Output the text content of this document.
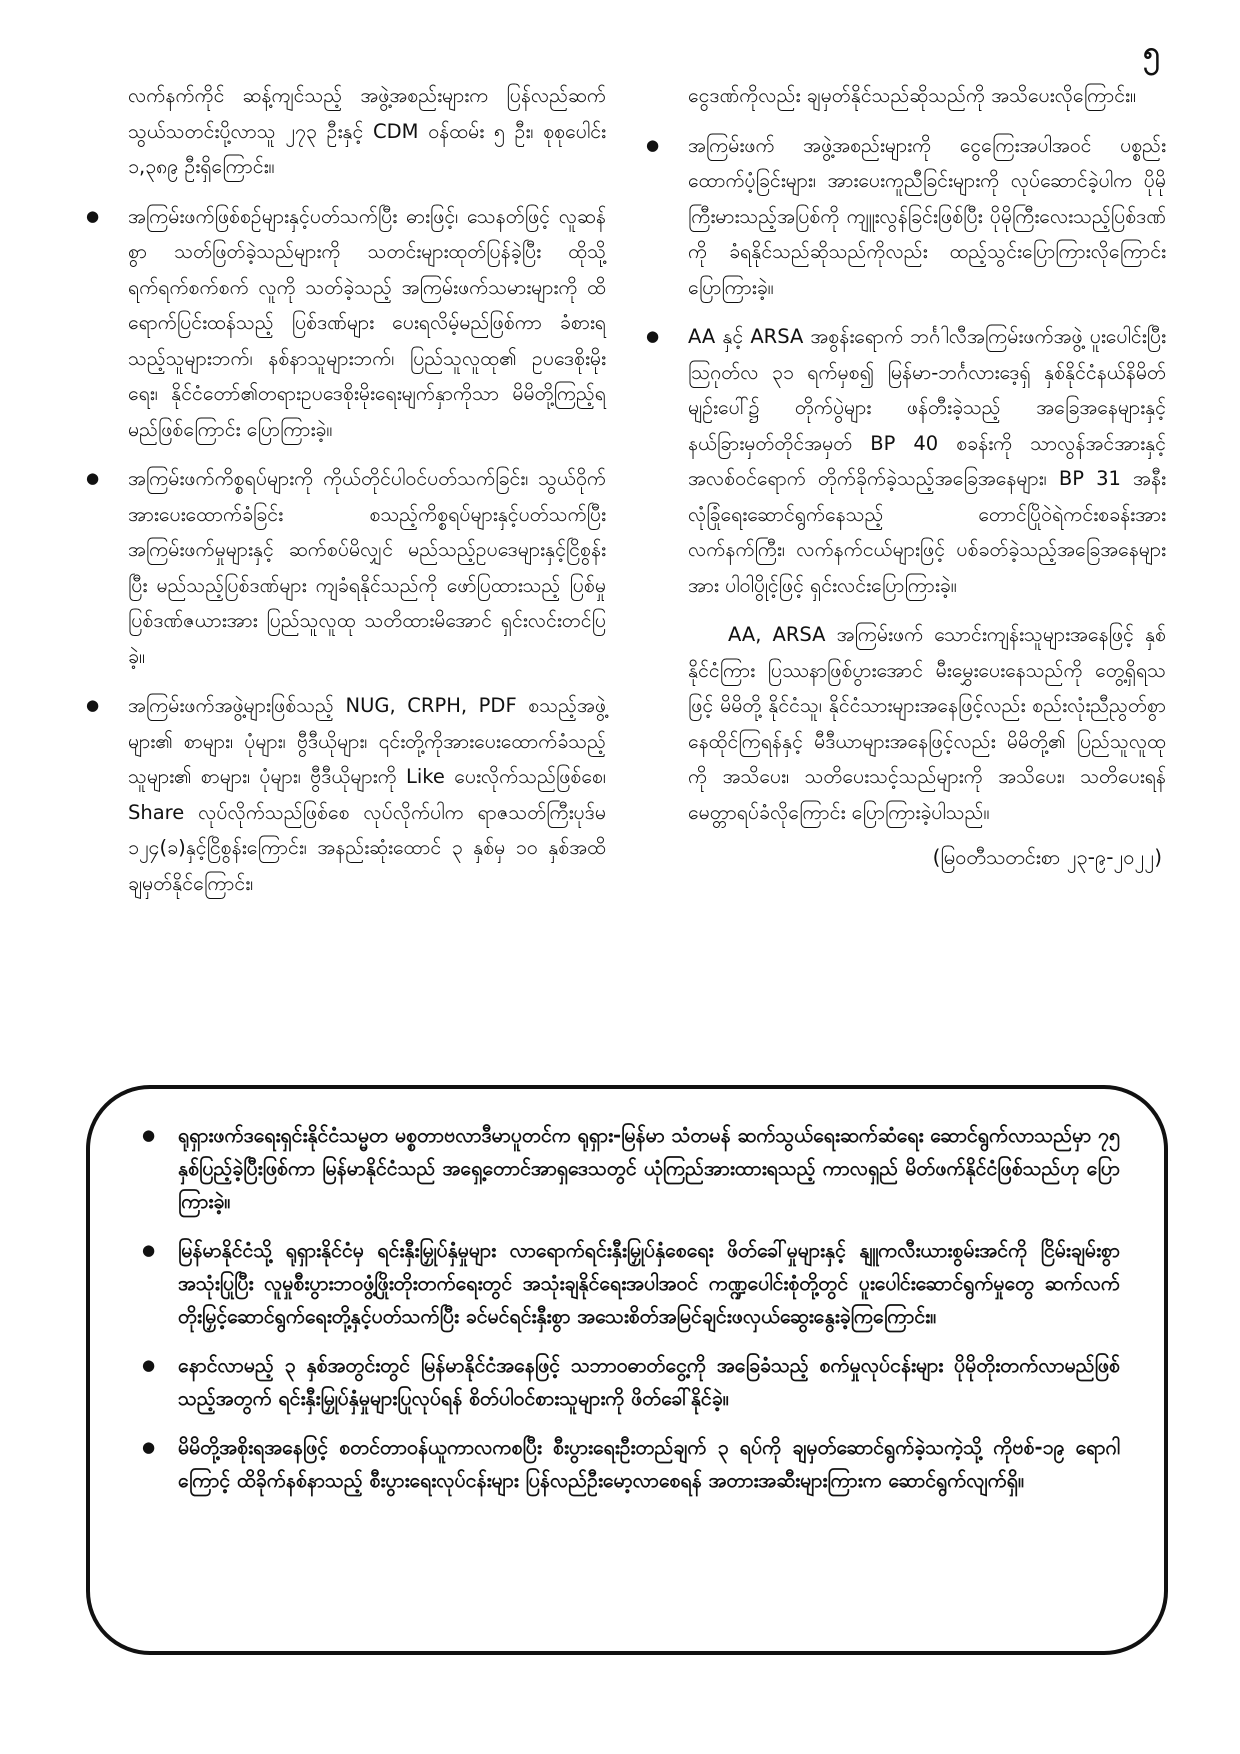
၅

လက်နက်ကိုင် ဆန့်ကျင်သည့် အဖွဲ့အစည်းများက ပြန်လည်ဆက်သွယ်သတင်းပို့လာသူ ၂၇၃ ဦးနှင့် CDM ဝန်ထမ်း ၅ ဦး၊ စုစုပေါင်း ၁,၃၈၉ ဦးရှိကြောင်း။

● အကြမ်းဖက်ဖြစ်စဉ်များနှင့်ပတ်သက်ပြီး ဓားဖြင့်၊ သေနတ်ဖြင့် လူဆန်စွာ သတ်ဖြတ်ခဲ့သည်များကို သတင်းများထုတ်ပြန်ခဲ့ပြီး ထိုသို့ရက်ရက်စက်စက် လူကို သတ်ခဲ့သည့် အကြမ်းဖက်သမားများကို ထိရောက်ပြင်းထန်သည့် ပြစ်ဒဏ်များ ပေးရလိမ့်မည်ဖြစ်ကာ ခံစားရသည့်သူများဘက်၊ နစ်နာသူများဘက်၊ ပြည်သူလူထု၏ ဥပဒေစိုးမိုးရေး၊ နိုင်ငံတော်၏တရားဥပဒေစိုးမိုးရေးမျက်နှာကိုသာ မိမိတို့ကြည့်ရမည်ဖြစ်ကြောင်း ပြောကြားခဲ့။

● အကြမ်းဖက်ကိစ္စရပ်များကို ကိုယ်တိုင်ပါဝင်ပတ်သက်ခြင်း၊ သွယ်ဝိုက်အားပေးထောက်ခံခြင်း စသည့်ကိစ္စရပ်များနှင့်ပတ်သက်ပြီး အကြမ်းဖက်မှုများနှင့် ဆက်စပ်မိလျှင် မည်သည့်ဥပဒေများနှင့်ငြိစွန်းပြီး မည်သည့်ပြစ်ဒဏ်များ ကျခံရနိုင်သည်ကို ဖော်ပြထားသည့် ပြစ်မှုပြစ်ဒဏ်ဇယားအား ပြည်သူလူထု သတိထားမိအောင် ရှင်းလင်းတင်ပြခဲ့။

● အကြမ်းဖက်အဖွဲ့များဖြစ်သည့် NUG, CRPH, PDF စသည့်အဖွဲ့များ၏ စာများ၊ ပုံများ၊ ဗွီဒီယိုများ၊ ၎င်းတို့ကိုအားပေးထောက်ခံသည့်သူများ၏ စာများ၊ ပုံများ၊ ဗွီဒီယိုများကို Like ပေးလိုက်သည်ဖြစ်စေ၊ Share လုပ်လိုက်သည်ဖြစ်စေ လုပ်လိုက်ပါက ရာဇသတ်ကြီးပုဒ်မ ၁၂၄(ခ)နှင့်ငြိစွန်းကြောင်း၊ အနည်းဆုံးထောင် ၃ နှစ်မှ ၁၀ နှစ်အထိချမှတ်နိုင်ကြောင်း၊

ငွေဒဏ်ကိုလည်း ချမှတ်နိုင်သည်ဆိုသည်ကို အသိပေးလိုကြောင်း။

● အကြမ်းဖက် အဖွဲ့အစည်းများကို ငွေကြေးအပါအဝင် ပစ္စည်းထောက်ပံ့ခြင်းများ၊ အားပေးကူညီခြင်းများကို လုပ်ဆောင်ခဲ့ပါက ပိုမိုကြီးမားသည့်အပြစ်ကို ကျူးလွန်ခြင်းဖြစ်ပြီး ပိုမိုကြီးလေးသည့်ပြစ်ဒဏ်ကို ခံရနိုင်သည်ဆိုသည်ကိုလည်း ထည့်သွင်းပြောကြားလိုကြောင်း ပြောကြားခဲ့။

● AA နှင့် ARSA အစွန်းရောက် ဘင်္ဂါလီအကြမ်းဖက်အဖွဲ့ ပူးပေါင်းပြီး ဩဂုတ်လ ၃၁ ရက်မှစ၍ မြန်မာ-ဘင်္ဂလားဒေ့ရှ် နှစ်နိုင်ငံနယ်နိမိတ်မျဉ်းပေါ်၌ တိုက်ပွဲများ ဖန်တီးခဲ့သည့် အခြေအနေများနှင့် နယ်ခြားမှတ်တိုင်အမှတ် BP 40 စခန်းကို သာလွန်အင်အားနှင့် အလစ်ဝင်ရောက် တိုက်ခိုက်ခဲ့သည့်အခြေအနေများ၊ BP 31 အနီး လုံခြုံရေးဆောင်ရွက်နေသည့် တောင်ပြိုဝဲရဲကင်းစခန်းအား လက်နက်ကြီး၊ လက်နက်ငယ်များဖြင့် ပစ်ခတ်ခဲ့သည့်အခြေအနေများအား ပါဝါပွိုင့်ဖြင့် ရှင်းလင်းပြောကြားခဲ့။

AA, ARSA အကြမ်းဖက် သောင်းကျန်းသူများအနေဖြင့် နှစ်နိုင်ငံကြား ပြဿနာဖြစ်ပွားအောင် မီးမွှေးပေးနေသည်ကို တွေ့ရှိရသဖြင့် မိမိတို့ နိုင်ငံသူ၊ နိုင်ငံသားများအနေဖြင့်လည်း စည်းလုံးညီညွတ်စွာ နေထိုင်ကြရန်နှင့် မီဒီယာများအနေဖြင့်လည်း မိမိတို့၏ ပြည်သူလူထုကို အသိပေး၊ သတိပေးသင့်သည်များကို အသိပေး၊ သတိပေးရန် မေတ္တာရပ်ခံလိုကြောင်း ပြောကြားခဲ့ပါသည်။

(မြဝတီသတင်းစာ ၂၃-၉-၂၀၂၂)

● ရုရှားဖက်ဒရေးရှင်းနိုင်ငံသမ္မတ မစ္စတာဗလာဒီမာပူတင်က ရုရှား-မြန်မာ သံတမန် ဆက်သွယ်ရေးဆက်ဆံရေး ဆောင်ရွက်လာသည်မှာ ၇၅ နှစ်ပြည့်ခဲ့ပြီးဖြစ်ကာ မြန်မာနိုင်ငံသည် အရှေ့တောင်အာရှဒေသတွင် ယုံကြည်အားထားရသည့် ကာလရှည် မိတ်ဖက်နိုင်ငံဖြစ်သည်ဟု ပြောကြားခဲ့။

● မြန်မာနိုင်ငံသို့ ရုရှားနိုင်ငံမှ ရင်းနှီးမြှုပ်နှံမှုများ လာရောက်ရင်းနှီးမြှုပ်နှံစေရေး ဖိတ်ခေါ်မှုများနှင့် နျူကလီးယားစွမ်းအင်ကို ငြိမ်းချမ်းစွာအသုံးပြုပြီး လူမှုစီးပွားဘဝဖွံ့ဖြိုးတိုးတက်ရေးတွင် အသုံးချနိုင်ရေးအပါအဝင် ကဏ္ဍပေါင်းစုံတို့တွင် ပူးပေါင်းဆောင်ရွက်မှုတွေ ဆက်လက်တိုးမြှင့်ဆောင်ရွက်ရေးတို့နှင့်ပတ်သက်ပြီး ခင်မင်ရင်းနှီးစွာ အသေးစိတ်အမြင်ချင်းဖလှယ်ဆွေးနွေးခဲ့ကြကြောင်း။

● နောင်လာမည့် ၃ နှစ်အတွင်းတွင် မြန်မာနိုင်ငံအနေဖြင့် သဘာဝဓာတ်ငွေ့ကို အခြေခံသည့် စက်မှုလုပ်ငန်းများ ပိုမိုတိုးတက်လာမည်ဖြစ်သည့်အတွက် ရင်းနှီးမြှုပ်နှံမှုများပြုလုပ်ရန် စိတ်ပါဝင်စားသူများကို ဖိတ်ခေါ်နိုင်ခဲ့။

● မိမိတို့အစိုးရအနေဖြင့် စတင်တာဝန်ယူကာလကစပြီး စီးပွားရေးဦးတည်ချက် ၃ ရပ်ကို ချမှတ်ဆောင်ရွက်ခဲ့သကဲ့သို့ ကိုဗစ်-၁၉ ရောဂါကြောင့် ထိခိုက်နစ်နာသည့် စီးပွားရေးလုပ်ငန်းများ ပြန်လည်ဦးမော့လာစေရန် အတားအဆီးများကြားက ဆောင်ရွက်လျက်ရှိ။
